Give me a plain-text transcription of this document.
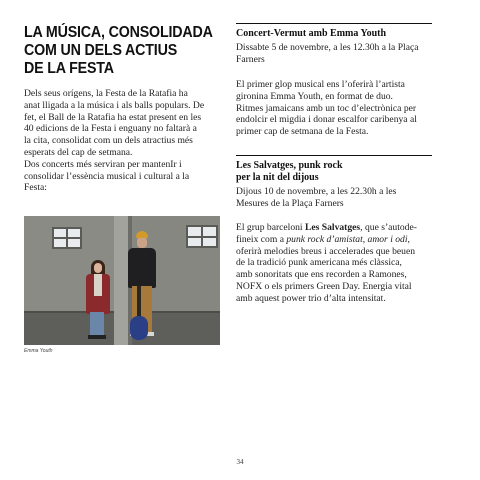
LA MÚSICA, CONSOLIDADA
COM UN DELS ACTIUS
DE LA FESTA
Dels seus orígens, la Festa de la Ratafia ha
anat lligada a la música i als balls populars. De
fet, el Ball de la Ratafia ha estat present en les
40 edicions de la Festa i enguany no faltarà a
la cita, consolidat com un dels atractius més
esperats del cap de setmana.
Dos concerts més serviran per mantenIr i
consolidar l’essència musical i cultural a la
Festa:
Emma Youth
Concert-Vermut amb Emma Youth
Dissabte 5 de novembre, a les 12.30h a la Plaça
Farners
El primer glop musical ens l’oferirà l’artista
gironina Emma Youth, en format de duo.
Ritmes jamaicans amb un toc d’electrònica per
endolcir el migdia i donar escalfor caribenya al
primer cap de setmana de la Festa.
Les Salvatges, punk rock
per la nit del dijous
Dijous 10 de novembre, a les 22.30h a les
Mesures de la Plaça Farners
El grup barceloni Les Salvatges, que s’autode-
fineix com a punk rock d’amistat, amor i odi,
oferirà melodies breus i accelerades que beuen
de la tradició punk americana més clàssica,
amb sonoritats que ens recorden a Ramones,
NOFX o els primers Green Day. Energia vital
amb aquest power trio d’alta intensitat.
34
